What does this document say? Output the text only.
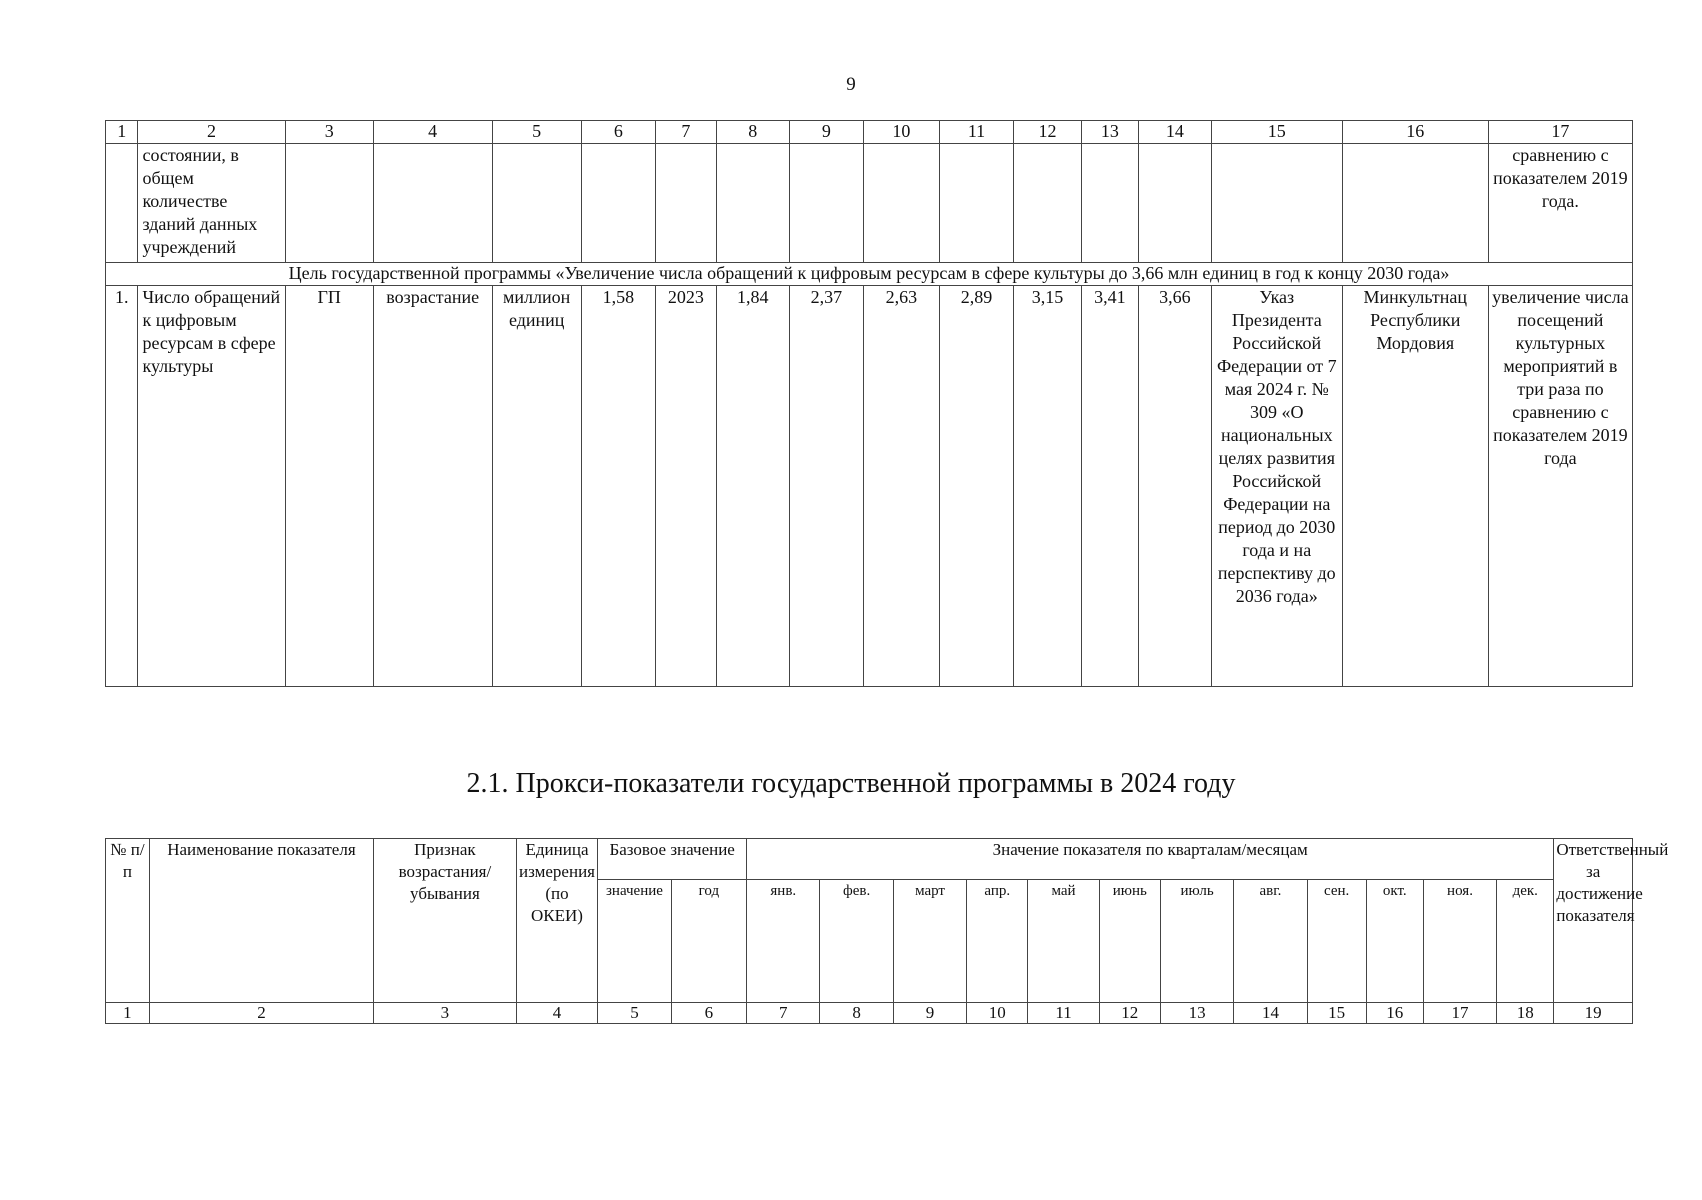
9
1	2	3	4	5	6	7	8	9	10	11	12	13	14	15	16	17
	состоянии, в общем количестве зданий данных учреждений															сравнению с показателем 2019 года.
Цель государственной программы «Увеличение числа обращений к цифровым ресурсам в сфере культуры до 3,66 млн единиц в год к концу 2030 года»																
1.	Число обращений к цифровым ресурсам в сфере культуры	ГП	возрастание	миллион единиц	1,58	2023	1,84	2,37	2,63	2,89	3,15	3,41	3,66	Указ Президента Российской Федерации от 7 мая 2024 г. № 309 «О национальных целях развития Российской Федерации на период до 2030 года и на перспективу до 2036 года»	Минкультнац Республики Мордовия	увеличение числа посещений культурных мероприятий в три раза по сравнению с показателем 2019 года
2.1. Прокси-показатели государственной программы в 2024 году
№ п/п	Наименование показателя	Признак возрастания/ убывания	Единица измерения (по ОКЕИ)	Базовое значение		Значение показателя по кварталам/месяцам												Ответственный за достижение показателя
				значение	год	янв.	фев.	март	апр.	май	июнь	июль	авг.	сен.	окт.	ноя.	дек.	
1	2	3	4	5	6	7	8	9	10	11	12	13	14	15	16	17	18	19
